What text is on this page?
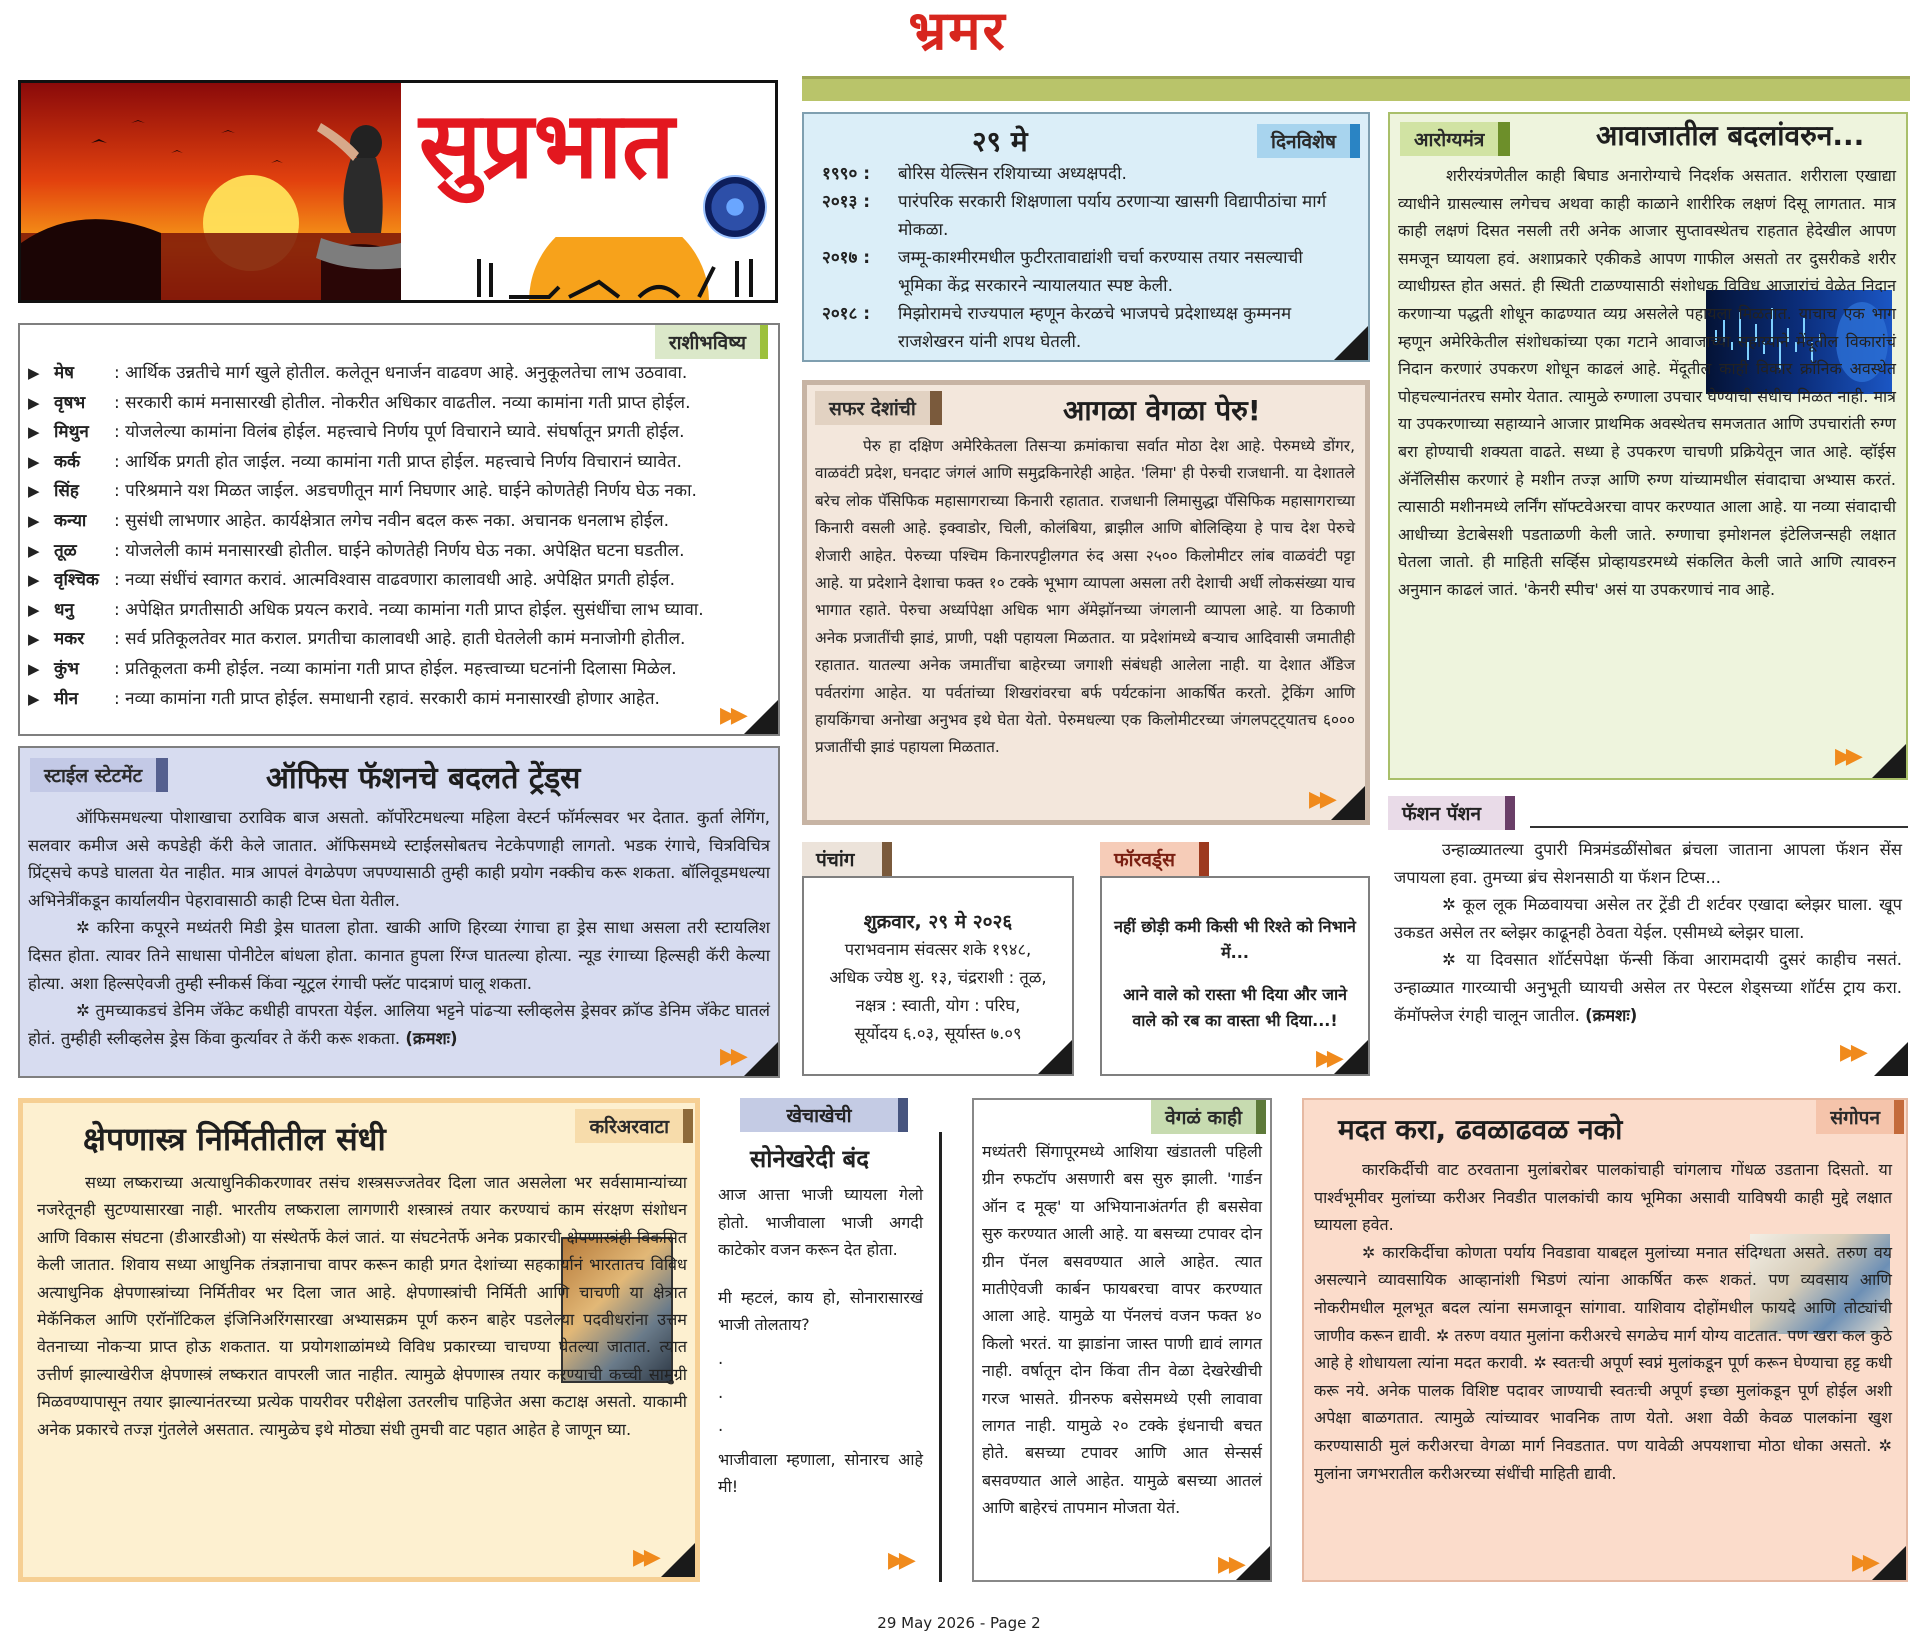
भ्रमर
सुप्रभात
राशीभविष्य
▶ मेष	: आर्थिक उन्नतीचे मार्ग खुले होतील. कलेतून धनार्जन वाढवण आहे. अनुकूलतेचा लाभ उठवावा.
▶ वृषभ	: सरकारी कामं मनासारखी होतील. नोकरीत अधिकार वाढतील. नव्या कामांना गती प्राप्त होईल.
▶ मिथुन	: योजलेल्या कामांना विलंब होईल. महत्त्वाचे निर्णय पूर्ण विचाराने घ्यावे. संघर्षातून प्रगती होईल.
▶ कर्क	: आर्थिक प्रगती होत जाईल. नव्या कामांना गती प्राप्त होईल. महत्त्वाचे निर्णय विचारानं घ्यावेत.
▶ सिंह	: परिश्रमाने यश मिळत जाईल. अडचणीतून मार्ग निघणार आहे. घाईने कोणतेही निर्णय घेऊ नका.
▶ कन्या	: सुसंधी लाभणार आहेत. कार्यक्षेत्रात लगेच नवीन बदल करू नका. अचानक धनलाभ होईल.
▶ तूळ	: योजलेली कामं मनासारखी होतील. घाईने कोणतेही निर्णय घेऊ नका. अपेक्षित घटना घडतील.
▶ वृश्चिक : नव्या संधींचं स्वागत करावं. आत्मविश्वास वाढवणारा कालावधी आहे. अपेक्षित प्रगती होईल.
▶ धनु	: अपेक्षित प्रगतीसाठी अधिक प्रयत्न करावे. नव्या कामांना गती प्राप्त होईल. सुसंधींचा लाभ घ्यावा.
▶ मकर	: सर्व प्रतिकूलतेवर मात कराल. प्रगतीचा कालावधी आहे. हाती घेतलेली कामं मनाजोगी होतील.
▶ कुंभ	: प्रतिकूलता कमी होईल. नव्या कामांना गती प्राप्त होईल. महत्त्वाच्या घटनांनी दिलासा मिळेल.
▶ मीन	: नव्या कामांना गती प्राप्त होईल. समाधानी रहावं. सरकारी कामं मनासारखी होणार आहेत.
▶▶
स्टाईल स्टेटमेंट	ऑफिस फॅशनचे बदलते ट्रेंड्स

ऑफिसमधल्या पोशाखाचा ठराविक बाज असतो. कॉर्पोरेटमधल्या महिला वेस्टर्न फॉर्मल्सवर भर देतात. कुर्ता लेगिंग, सलवार कमीज असे कपडेही कॅरी केले जातात. ऑफिसमध्ये स्टाईलसोबतच नेटकेपणाही लागतो. भडक रंगाचे, चित्रविचित्र प्रिंट्सचे कपडे घालता येत नाहीत. मात्र आपलं वेगळेपण जपण्यासाठी तुम्ही काही प्रयोग नक्कीच करू शकता. बॉलिवूडमधल्या अभिनेत्रींकडून कार्यालयीन पेहरावासाठी काही टिप्स घेता येतील.

✲ करिना कपूरने मध्यंतरी मिडी ड्रेस घातला होता. खाकी आणि हिरव्या रंगाचा हा ड्रेस साधा असला तरी स्टायलिश दिसत होता. त्यावर तिने साधासा पोनीटेल बांधला होता. कानात हुपला रिंग्ज घातल्या होत्या. न्यूड रंगाच्या हिल्सही कॅरी केल्या होत्या. अशा हिल्सऐवजी तुम्ही स्नीकर्स किंवा न्यूट्रल रंगाची फ्लॅट पादत्राणं घालू शकता.

✲ तुमच्याकडचं डेनिम जॅकेट कधीही वापरता येईल. आलिया भट्टने पांढऱ्या स्लीव्हलेस ड्रेसवर क्रॉप्ड डेनिम जॅकेट घातलं होतं. तुम्हीही स्लीव्हलेस ड्रेस किंवा कुर्त्यावर ते कॅरी करू शकता. (क्रमशः)

▶▶
२९ मे	दिनविशेष
१९९० :	बोरिस येल्त्सिन रशियाच्या अध्यक्षपदी.
२०१३ :	पारंपरिक सरकारी शिक्षणाला पर्याय ठरणाऱ्या खासगी विद्यापीठांचा मार्ग मोकळा.
२०१७ :	जम्मू-काश्मीरमधील फुटीरतावाद्यांशी चर्चा करण्यास तयार नसल्याची भूमिका केंद्र सरकारने न्यायालयात स्पष्ट केली.
२०१८ :	मिझोरामचे राज्यपाल म्हणून केरळचे भाजपचे प्रदेशाध्यक्ष कुम्मनम राजशेखरन यांनी शपथ घेतली.
सफर देशांची	आगळा वेगळा पेरु!

पेरु हा दक्षिण अमेरिकेतला तिसऱ्या क्रमांकाचा सर्वात मोठा देश आहे. पेरुमध्ये डोंगर, वाळवंटी प्रदेश, घनदाट जंगलं आणि समुद्रकिनारेही आहेत. 'लिमा' ही पेरुची राजधानी. या देशातले बरेच लोक पॅसिफिक महासागराच्या किनारी रहातात. राजधानी लिमासुद्धा पॅसिफिक महासागराच्या किनारी वसली आहे. इक्वाडोर, चिली, कोलंबिया, ब्राझील आणि बोलिव्हिया हे पाच देश पेरुचे शेजारी आहेत. पेरुच्या पश्चिम किनारपट्टीलगत रुंद असा २५०० किलोमीटर लांब वाळवंटी पट्टा आहे. या प्रदेशाने देशाचा फक्त १० टक्के भूभाग व्यापला असला तरी देशाची अर्धी लोकसंख्या याच भागात रहाते. पेरुचा अर्ध्यापेक्षा अधिक भाग ॲमेझॉनच्या जंगलानी व्यापला आहे. या ठिकाणी अनेक प्रजातींची झाडं, प्राणी, पक्षी पहायला मिळतात. या प्रदेशांमध्ये बऱ्याच आदिवासी जमातीही रहातात. यातल्या अनेक जमातींचा बाहेरच्या जगाशी संबंधही आलेला नाही. या देशात अँडिज पर्वतरांगा आहेत. या पर्वतांच्या शिखरांवरचा बर्फ पर्यटकांना आकर्षित करतो. ट्रेकिंग आणि हायकिंगचा अनोखा अनुभव इथे घेता येतो. पेरुमधल्या एक किलोमीटरच्या जंगलपट्ट्यातच ६००० प्रजातींची झाडं पहायला मिळतात.

▶▶
आरोग्यमंत्र	आवाजातील बदलांवरुन...

शरीरयंत्रणेतील काही बिघाड अनारोग्याचे निदर्शक असतात. शरीराला एखाद्या व्याधीने ग्रासल्यास लगेचच अथवा काही काळाने शारीरिक लक्षणं दिसू लागतात. मात्र काही लक्षणं दिसत नसली तरी अनेक आजार सुप्तावस्थेतच राहतात हेदेखील आपण समजून घ्यायला हवं. अशाप्रकारे एकीकडे आपण गाफील असतो तर दुसरीकडे शरीर व्याधीग्रस्त होत असतं. ही स्थिती टाळण्यासाठी संशोधक विविध आजारांचं वेळेत निदान करणाऱ्या पद्धती शोधून काढण्यात व्यग्र असलेले पहायला मिळतात. याचाच एक भाग म्हणून अमेरिकेतील संशोधकांच्या एका गटाने आवाजाच्या सहाय्याने मेंदूतील विकारांचं निदान करणारं उपकरण शोधून काढलं आहे. मेंदूतील काही विकार क्रॉनिक अवस्थेत पोहचल्यानंतरच समोर येतात. त्यामुळे रुग्णाला उपचार घेण्याची संधीच मिळत नाही. मात्र या उपकरणाच्या सहाय्याने आजार प्राथमिक अवस्थेतच समजतात आणि उपचारांती रुग्ण बरा होण्याची शक्यता वाढते. सध्या हे उपकरण चाचणी प्रक्रियेतून जात आहे. व्हॉईस ॲनॅलिसीस करणारं हे मशीन तज्ज्ञ आणि रुग्ण यांच्यामधील संवादाचा अभ्यास करतं. त्यासाठी मशीनमध्ये लर्निंग सॉफ्टवेअरचा वापर करण्यात आला आहे. या नव्या संवादाची आधीच्या डेटाबेसशी पडताळणी केली जाते. रुग्णाचा इमोशनल इंटेलिजन्सही लक्षात घेतला जातो. ही माहिती सर्व्हिस प्रोव्हायडरमध्ये संकलित केली जाते आणि त्यावरुन अनुमान काढलं जातं. 'केनरी स्पीच' असं या उपकरणाचं नाव आहे.

▶▶
पंचांग
शुक्रवार, २९ मे २०२६
पराभवनाम संवत्सर शके १९४८,
अधिक ज्येष्ठ शु. १३, चंद्रराशी : तूळ,
नक्षत्र : स्वाती, योग : परिघ,
सूर्योदय ६.०३, सूर्यास्त ७.०९
फॉरवर्ड्स
नहीं छोड़ी कमी किसी भी रिश्ते को निभाने में...
आने वाले को रास्ता भी दिया और जाने वाले को रब का वास्ता भी दिया...!
▶▶
फॅशन पॅशन

उन्हाळ्यातल्या दुपारी मित्रमंडळींसोबत ब्रंचला जाताना आपला फॅशन सेंस जपायला हवा. तुमच्या ब्रंच सेशनसाठी या फॅशन टिप्स...

✲ कूल लूक मिळवायचा असेल तर ट्रेंडी टी शर्टवर एखादा ब्लेझर घाला. खूप उकडत असेल तर ब्लेझर काढूनही ठेवता येईल. एसीमध्ये ब्लेझर घाला.

✲ या दिवसात शॉर्टसपेक्षा फॅन्सी किंवा आरामदायी दुसरं काहीच नसतं. उन्हाळ्यात गारव्याची अनुभूती घ्यायची असेल तर पेस्टल शेड्सच्या शॉर्टस ट्राय करा. कॅमॉफ्लेज रंगही चालून जातील. (क्रमशः)

▶▶
करिअरवाटा
क्षेपणास्त्र निर्मितीतील संधी
सध्या लष्कराच्या अत्याधुनिकीकरणावर तसंच शस्त्रसज्जतेवर दिला जात असलेला भर सर्वसामान्यांच्या नजरेतूनही सुटण्यासारखा नाही. भारतीय लष्कराला लागणारी शस्त्रास्त्रं तयार करण्याचं काम संरक्षण संशोधन आणि विकास संघटना (डीआरडीओ) या संस्थेतर्फे केलं जातं. या संघटनेतर्फे अनेक प्रकारची क्षेपणास्त्रंही विकसित केली जातात. शिवाय सध्या आधुनिक तंत्रज्ञानाचा वापर करून काही प्रगत देशांच्या सहकार्यानं भारतातच विविध अत्याधुनिक क्षेपणास्त्रांच्या निर्मितीवर भर दिला जात आहे. क्षेपणास्त्रांची निर्मिती आणि चाचणी या क्षेत्रात मेकॅनिकल आणि एरॉनॉटिकल इंजिनिअरिंगसारखा अभ्यासक्रम पूर्ण करुन बाहेर पडलेल्या पदवीधरांना उत्तम वेतनाच्या नोकऱ्या प्राप्त होऊ शकतात. या प्रयोगशाळांमध्ये विविध प्रकारच्या चाचण्या घेतल्या जातात. त्यात उत्तीर्ण झाल्याखेरीज क्षेपणास्त्रं लष्करात वापरली जात नाहीत. त्यामुळे क्षेपणास्त्र तयार करण्याची कच्ची सामुग्री मिळवण्यापासून तयार झाल्यानंतरच्या प्रत्येक पायरीवर परीक्षेला उतरलीच पाहिजेत असा कटाक्ष असतो. याकामी अनेक प्रकारचे तज्ज्ञ गुंतलेले असतात. त्यामुळेच इथे मोठ्या संधी तुमची वाट पहात आहेत हे जाणून घ्या.
▶▶
खेचाखेची
सोनेखरेदी बंद

आज आत्ता भाजी घ्यायला गेलो होतो. भाजीवाला भाजी अगदी काटेकोर वजन करून देत होता.

मी म्हटलं, काय हो, सोनारासारखं भाजी तोलताय?

.

.

.

भाजीवाला म्हणाला, सोनारच आहे मी!

▶▶
वेगळं काही

मध्यंतरी सिंगापूरमध्ये आशिया खंडातली पहिली ग्रीन रुफटॉप असणारी बस सुरु झाली. 'गार्डन ऑन द मूव्ह' या अभियानाअंतर्गत ही बससेवा सुरु करण्यात आली आहे. या बसच्या टपावर दोन ग्रीन पॅनल बसवण्यात आले आहेत. त्यात मातीऐवजी कार्बन फायबरचा वापर करण्यात आला आहे. यामुळे या पॅनलचं वजन फक्त ४० किलो भरतं. या झाडांना जास्त पाणी द्यावं लागत नाही. वर्षातून दोन किंवा तीन वेळा देखरेखीची गरज भासते. ग्रीनरुफ बसेसमध्ये एसी लावावा लागत नाही. यामुळे २० टक्के इंधनाची बचत होते. बसच्या टपावर आणि आत सेन्सर्स बसवण्यात आले आहेत. यामुळे बसच्या आतलं आणि बाहेरचं तापमान मोजता येतं.

▶▶
संगोपन
मदत करा, ढवळाढवळ नको

कारकिर्दीची वाट ठरवताना मुलांबरोबर पालकांचाही चांगलाच गोंधळ उडताना दिसतो. या पार्श्वभूमीवर मुलांच्या करीअर निवडीत पालकांची काय भूमिका असावी याविषयी काही मुद्दे लक्षात घ्यायला हवेत.

✲ कारकिर्दीचा कोणता पर्याय निवडावा याबद्दल मुलांच्या मनात संदिग्धता असते. तरुण वय असल्याने व्यावसायिक आव्हानांशी भिडणं त्यांना आकर्षित करू शकतं. पण व्यवसाय आणि नोकरीमधील मूलभूत बदल त्यांना समजावून सांगावा. याशिवाय दोहोंमधील फायदे आणि तोट्यांची जाणीव करून द्यावी. ✲ तरुण वयात मुलांना करीअरचे सगळेच मार्ग योग्य वाटतात. पण खरा कल कुठे आहे हे शोधायला त्यांना मदत करावी. ✲ स्वतःची अपूर्ण स्वप्नं मुलांकडून पूर्ण करून घेण्याचा हट्ट कधी करू नये. अनेक पालक विशिष्ट पदावर जाण्याची स्वतःची अपूर्ण इच्छा मुलांकडून पूर्ण होईल अशी अपेक्षा बाळगतात. त्यामुळे त्यांच्यावर भावनिक ताण येतो. अशा वेळी केवळ पालकांना खुश करण्यासाठी मुलं करीअरचा वेगळा मार्ग निवडतात. पण यावेळी अपयशाचा मोठा धोका असतो. ✲ मुलांना जगभरातील करीअरच्या संधींची माहिती द्यावी.

▶▶
29 May 2026 - Page 2
